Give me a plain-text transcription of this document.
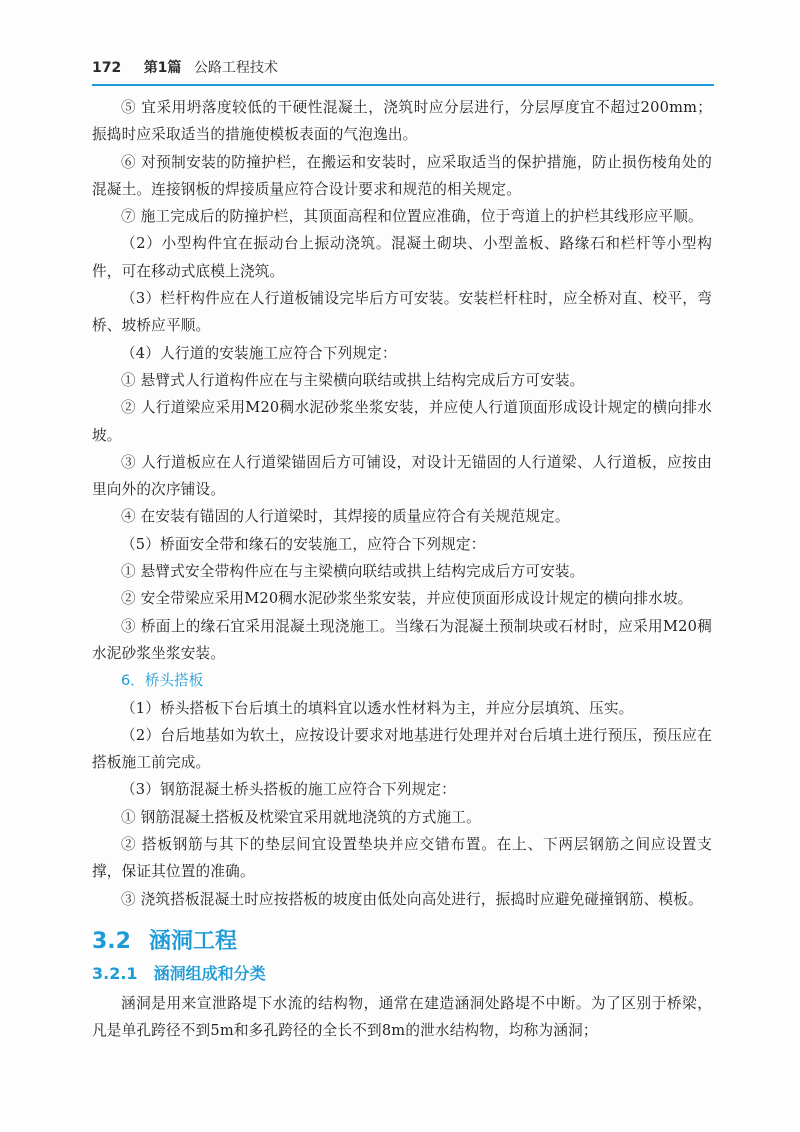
172 第1篇 公路工程技术

⑤ 宜采用坍落度较低的干硬性混凝土，浇筑时应分层进行，分层厚度宜不超过200mm；振捣时应采取适当的措施使模板表面的气泡逸出。

⑥ 对预制安装的防撞护栏，在搬运和安装时，应采取适当的保护措施，防止损伤棱角处的混凝土。连接钢板的焊接质量应符合设计要求和规范的相关规定。

⑦ 施工完成后的防撞护栏，其顶面高程和位置应准确，位于弯道上的护栏其线形应平顺。

（2）小型构件宜在振动台上振动浇筑。混凝土砌块、小型盖板、路缘石和栏杆等小型构件，可在移动式底模上浇筑。

（3）栏杆构件应在人行道板铺设完毕后方可安装。安装栏杆柱时，应全桥对直、校平，弯桥、坡桥应平顺。

（4）人行道的安装施工应符合下列规定：

① 悬臂式人行道构件应在与主梁横向联结或拱上结构完成后方可安装。

② 人行道梁应采用M20稠水泥砂浆坐浆安装，并应使人行道顶面形成设计规定的横向排水坡。

③ 人行道板应在人行道梁锚固后方可铺设，对设计无锚固的人行道梁、人行道板，应按由里向外的次序铺设。

④ 在安装有锚固的人行道梁时，其焊接的质量应符合有关规范规定。

（5）桥面安全带和缘石的安装施工，应符合下列规定：

① 悬臂式安全带构件应在与主梁横向联结或拱上结构完成后方可安装。

② 安全带梁应采用M20稠水泥砂浆坐浆安装，并应使顶面形成设计规定的横向排水坡。

③ 桥面上的缘石宜采用混凝土现浇施工。当缘石为混凝土预制块或石材时，应采用M20稠水泥砂浆坐浆安装。

6．桥头搭板

（1）桥头搭板下台后填土的填料宜以透水性材料为主，并应分层填筑、压实。

（2）台后地基如为软土，应按设计要求对地基进行处理并对台后填土进行预压，预压应在搭板施工前完成。

（3）钢筋混凝土桥头搭板的施工应符合下列规定：

① 钢筋混凝土搭板及枕梁宜采用就地浇筑的方式施工。

② 搭板钢筋与其下的垫层间宜设置垫块并应交错布置。在上、下两层钢筋之间应设置支撑，保证其位置的准确。

③ 浇筑搭板混凝土时应按搭板的坡度由低处向高处进行，振捣时应避免碰撞钢筋、模板。

3.2 涵洞工程
3.2.1 涵洞组成和分类

涵洞是用来宣泄路堤下水流的结构物，通常在建造涵洞处路堤不中断。为了区别于桥梁，凡是单孔跨径不到5m和多孔跨径的全长不到8m的泄水结构物，均称为涵洞；
